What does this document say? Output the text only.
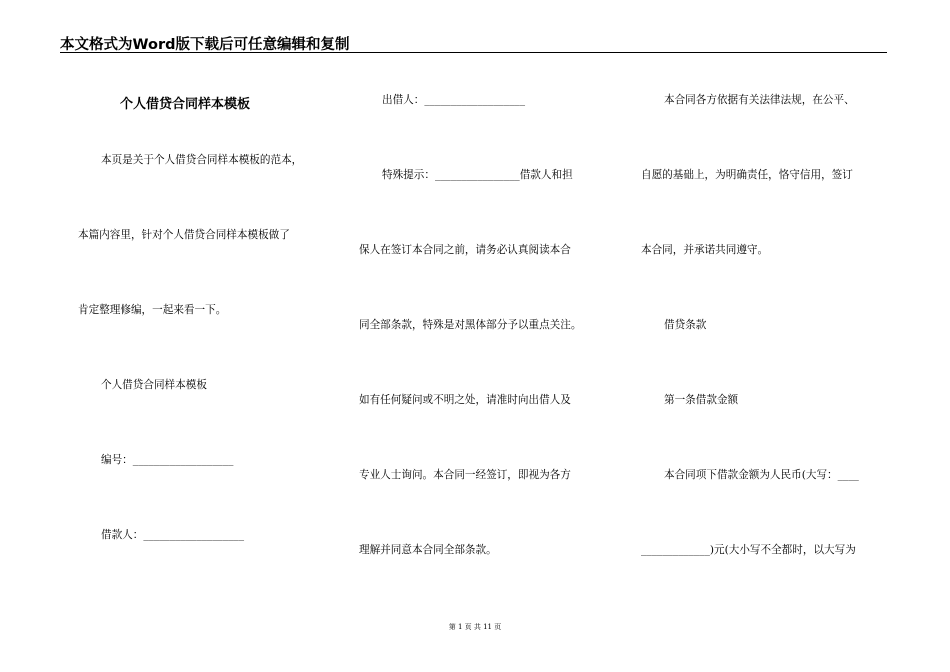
本文格式为Word版下载后可任意编辑和复制
个人借贷合同样本模板
本页是关于个人借贷合同样本模板的范本，
本篇内容里，针对个人借贷合同样本模板做了
肯定整理修编，一起来看一下。
个人借贷合同样本模板
编号：___________________
借款人：___________________
出借人：___________________
特殊提示：________________借款人和担
保人在签订本合同之前，请务必认真阅读本合
同全部条款，特殊是对黑体部分予以重点关注。
如有任何疑问或不明之处，请准时向出借人及
专业人士询问。本合同一经签订，即视为各方
理解并同意本合同全部条款。
本合同各方依据有关法律法规，在公平、
自愿的基础上，为明确责任，恪守信用，签订
本合同，并承诺共同遵守。
借贷条款
第一条借款金额
本合同项下借款金额为人民币(大写：____
_____________)元(大小写不全都时，以大写为
第 1 页 共 11 页
